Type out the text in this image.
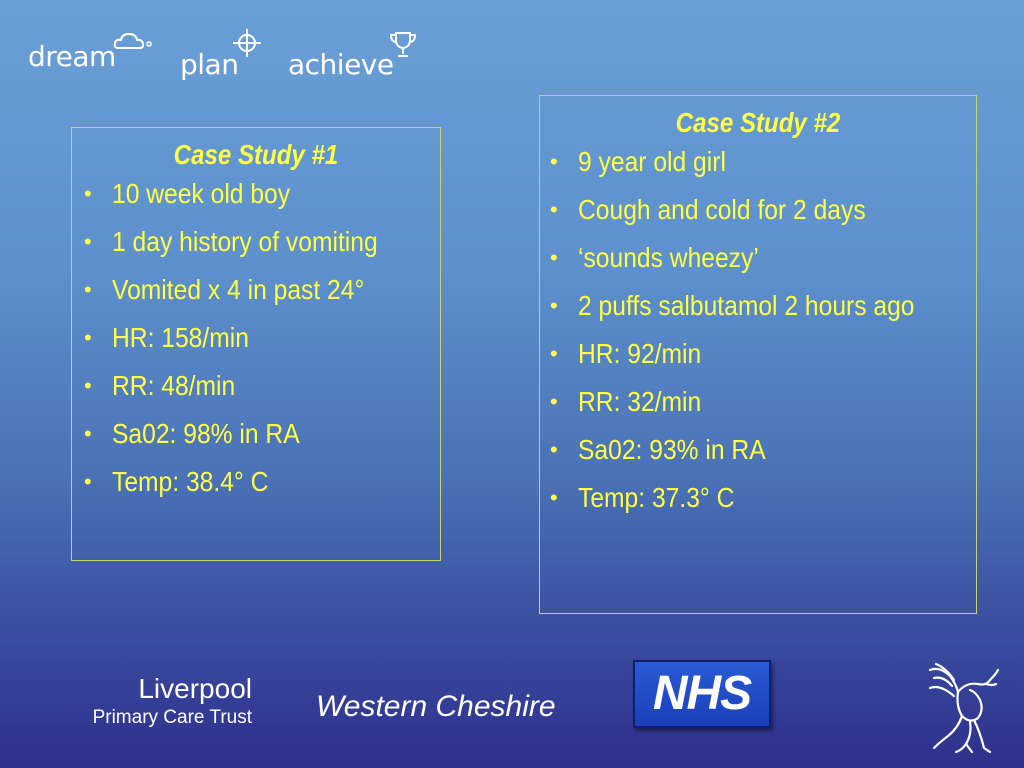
dream plan achieve
Case Study #1
• 10 week old boy
• 1 day history of vomiting
• Vomited x 4 in past 24°
• HR: 158/min
• RR: 48/min
• Sa02: 98% in RA
• Temp: 38.4° C
Case Study #2
• 9 year old girl
• Cough and cold for 2 days
• ‘sounds wheezy’
• 2 puffs salbutamol 2 hours ago
• HR: 92/min
• RR: 32/min
• Sa02: 93% in RA
• Temp: 37.3° C
Liverpool
Primary Care Trust Western Cheshire NHS
